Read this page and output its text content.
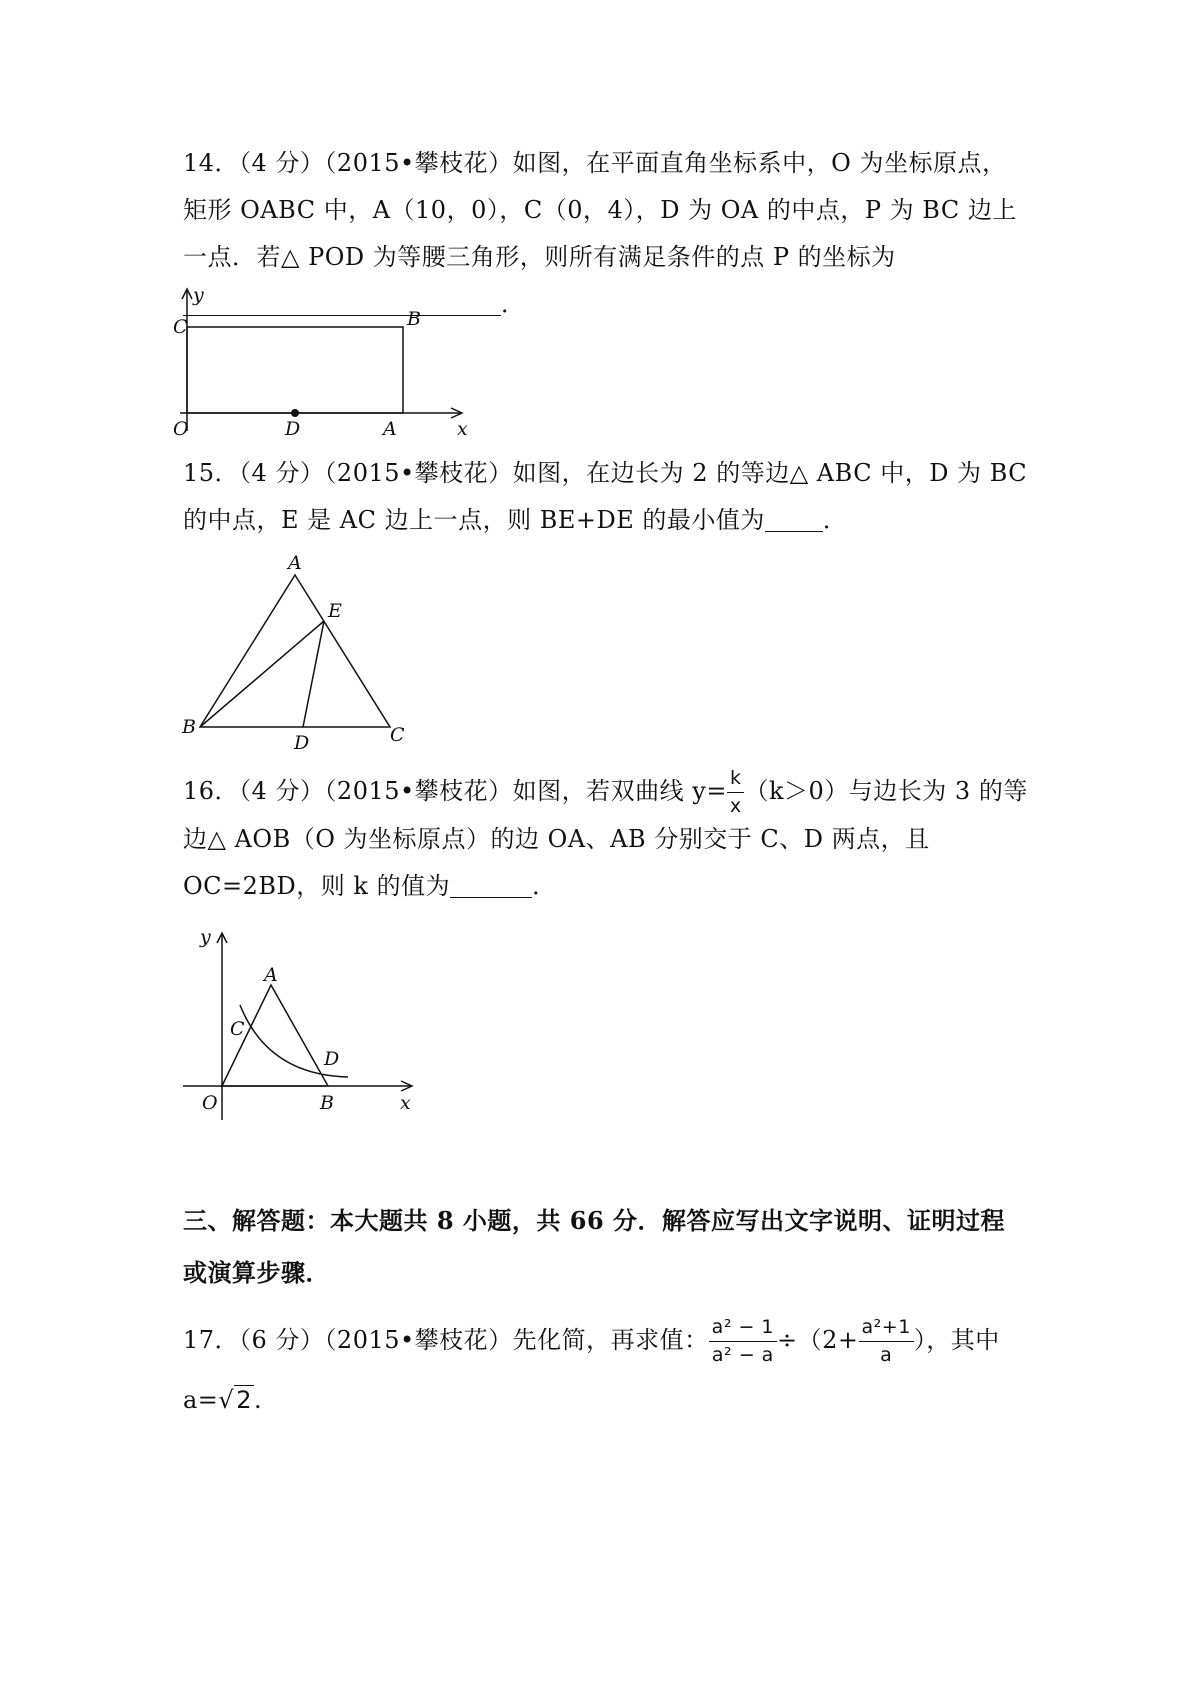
14．（4 分）（2015•攀枝花）如图，在平面直角坐标系中，O 为坐标原点，矩形 OABC 中，A（10，0），C（0，4），D 为 OA 的中点，P 为 BC 边上一点．若△ POD 为等腰三角形，则所有满足条件的点 P 的坐标为．
y
C	B
O	D	A	x
15．（4 分）（2015•攀枝花）如图，在边长为 2 的等边△ ABC 中，D 为 BC 的中点，E 是 AC 边上一点，则 BE+DE 的最小值为 ．
A
E
B
D	C
16．（4 分）（2015•攀枝花）如图，若双曲线 $y= \frac{k}{x} (k>0)$与边长为 3 的等边△ AOB（O 为坐标原点）的边 OA、AB 分别交于 C、D 两点，且 OC=2BD，则 k 的值为	．
y
A
C
D
O	B	x
三、解答题：本大题共 8 小题，共 66 分．解答应写出文字说明、证明过程或演算步骤．
17．（6 分）（2015•攀枝花）先化简，再求值： $\frac{\text{a² − 1}}{\text{a² − a}} \div(2+ \frac{\text{a²+1}}{a}$ ），其中 a=√2.
